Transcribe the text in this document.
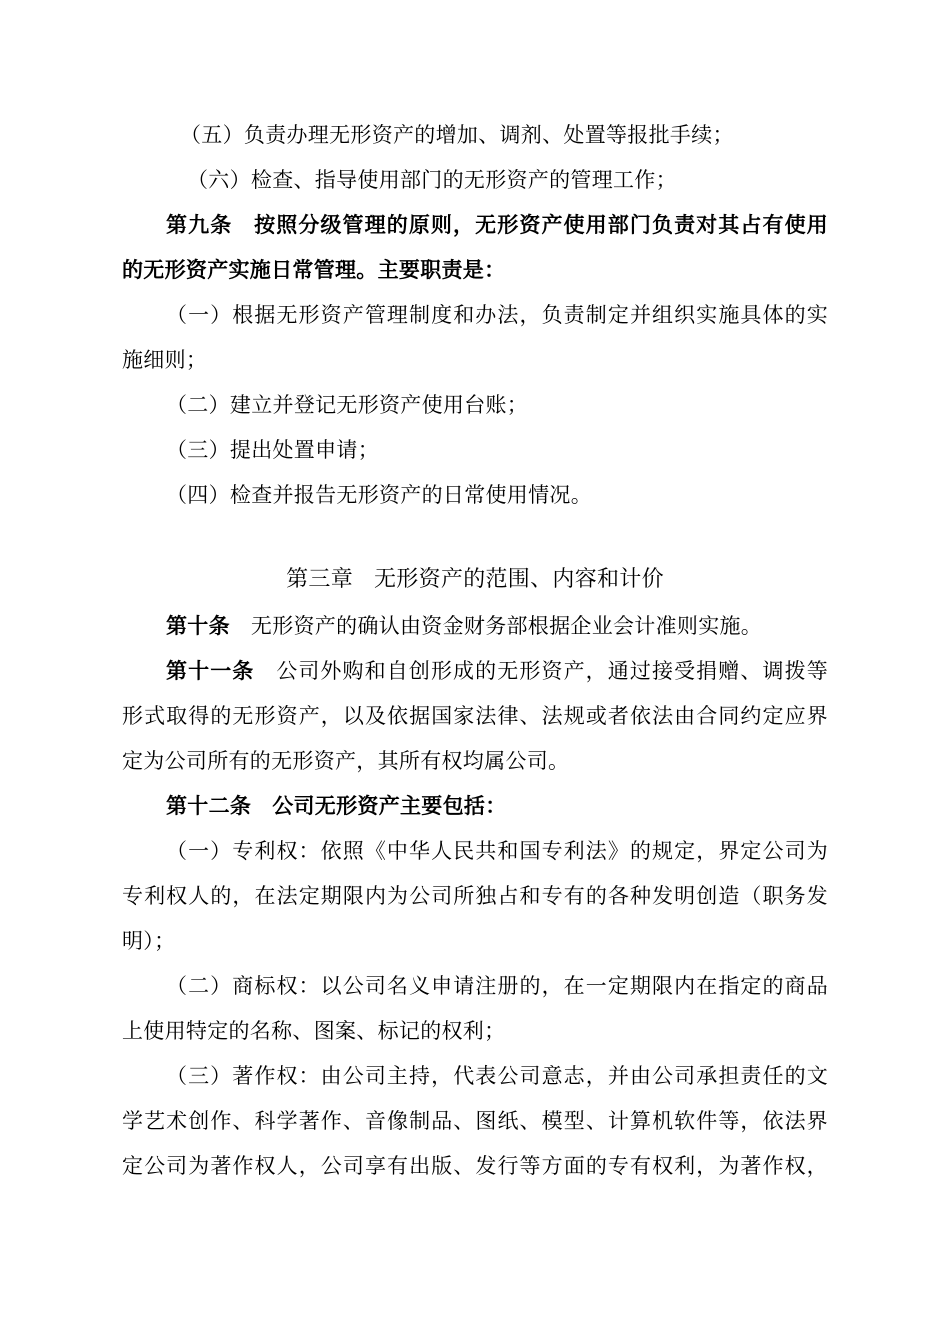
（五）负责办理无形资产的增加、调剂、处置等报批手续；
（六）检查、指导使用部门的无形资产的管理工作；
第九条 按照分级管理的原则，无形资产使用部门负责对其占有使用
的无形资产实施日常管理。主要职责是：
（一）根据无形资产管理制度和办法，负责制定并组织实施具体的实
施细则；
（二）建立并登记无形资产使用台账；
（三）提出处置申请；
（四）检查并报告无形资产的日常使用情况。
第三章 无形资产的范围、内容和计价
第十条 无形资产的确认由资金财务部根据企业会计准则实施。
第十一条 公司外购和自创形成的无形资产，通过接受捐赠、调拨等
形式取得的无形资产，以及依据国家法律、法规或者依法由合同约定应界
定为公司所有的无形资产，其所有权均属公司。
第十二条 公司无形资产主要包括：
（一）专利权：依照《中华人民共和国专利法》的规定，界定公司为
专利权人的，在法定期限内为公司所独占和专有的各种发明创造（职务发
明）；
（二）商标权：以公司名义申请注册的，在一定期限内在指定的商品
上使用特定的名称、图案、标记的权利；
（三）著作权：由公司主持，代表公司意志，并由公司承担责任的文
学艺术创作、科学著作、音像制品、图纸、模型、计算机软件等，依法界
定公司为著作权人，公司享有出版、发行等方面的专有权利，为著作权，
